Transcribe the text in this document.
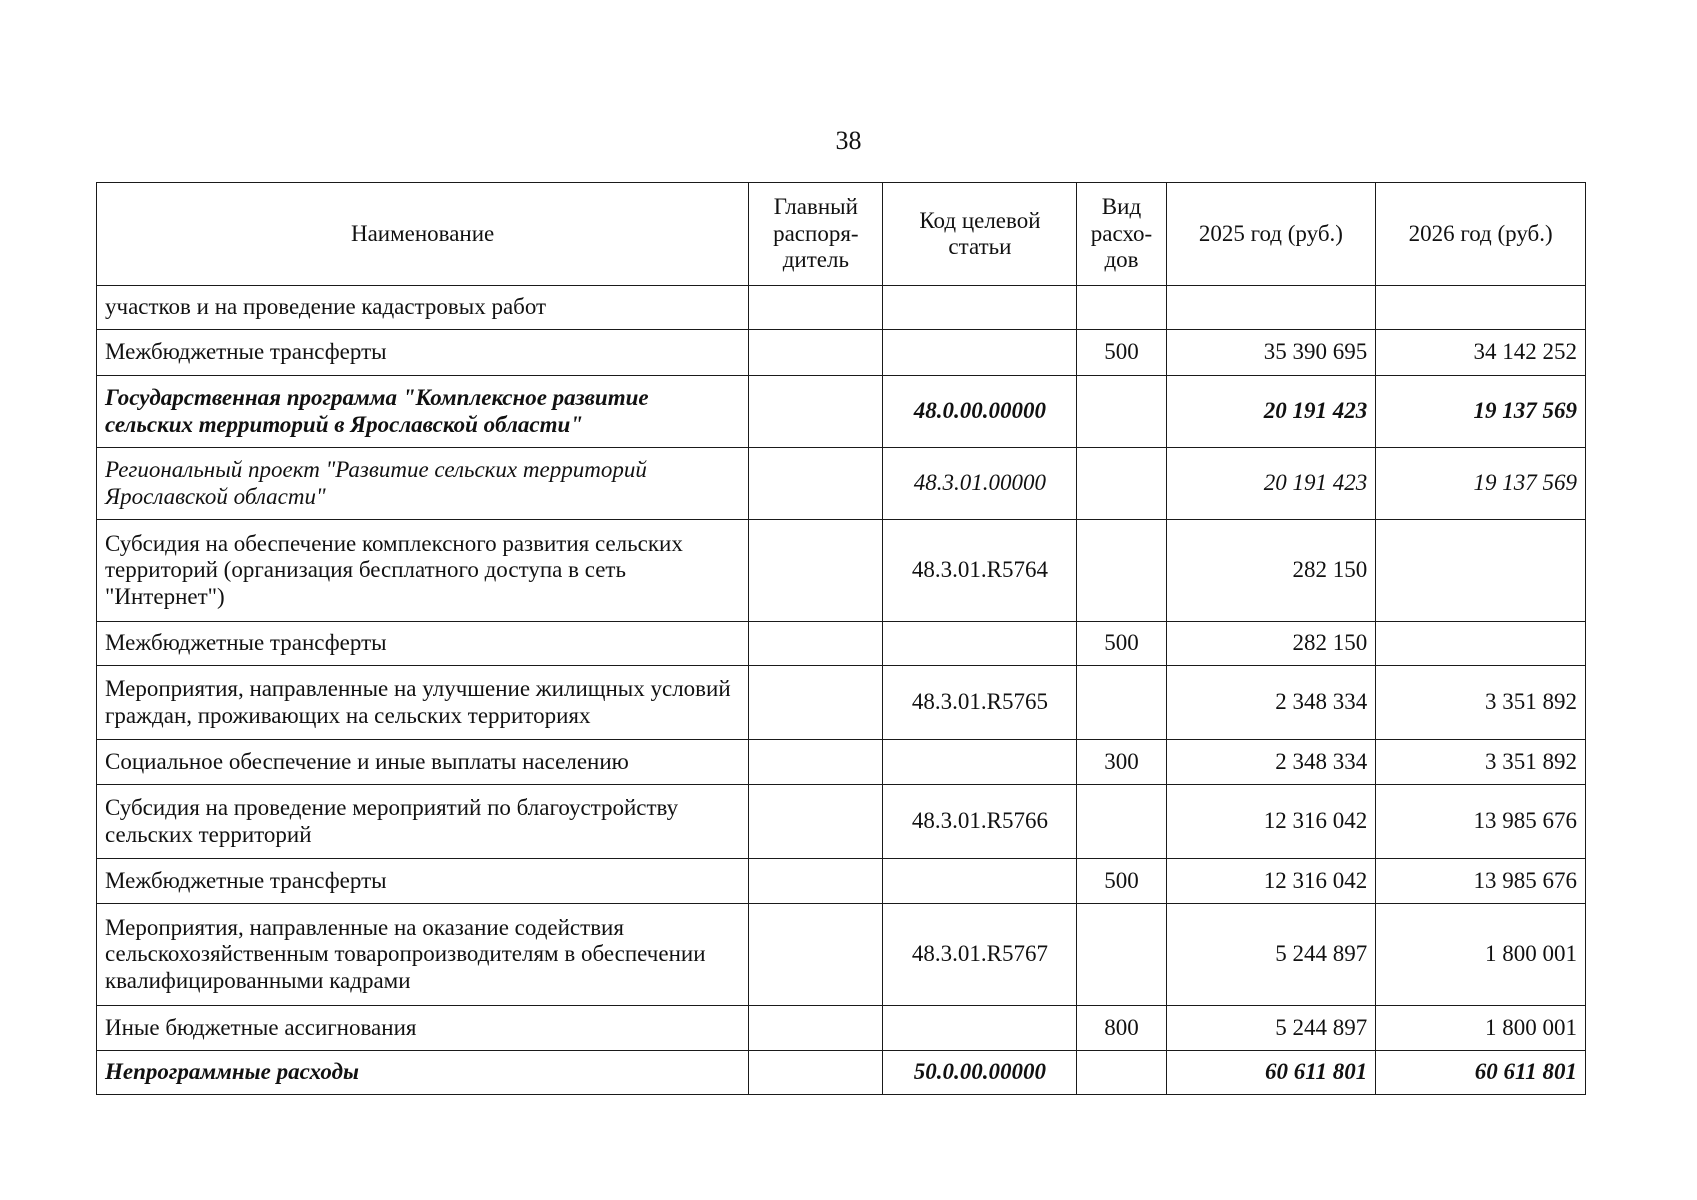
38
Наименование	Главный распоря-дитель	Код целевой статьи	Вид расхо-дов	2025 год (руб.)	2026 год (руб.)
участков и на проведение кадастровых работ					
Межбюджетные трансферты			500	35 390 695	34 142 252
Государственная программа "Комплексное развитие сельских территорий в Ярославской области"		48.0.00.00000		20 191 423	19 137 569
Региональный проект "Развитие сельских территорий Ярославской области"		48.3.01.00000		20 191 423	19 137 569
Субсидия на обеспечение комплексного развития сельских территорий (организация бесплатного доступа в сеть "Интернет")		48.3.01.R5764		282 150	
Межбюджетные трансферты			500	282 150	
Мероприятия, направленные на улучшение жилищных условий граждан, проживающих на сельских территориях		48.3.01.R5765		2 348 334	3 351 892
Социальное обеспечение и иные выплаты населению			300	2 348 334	3 351 892
Субсидия на проведение мероприятий по благоустройству сельских территорий		48.3.01.R5766		12 316 042	13 985 676
Межбюджетные трансферты			500	12 316 042	13 985 676
Мероприятия, направленные на оказание содействия сельскохозяйственным товаропроизводителям в обеспечении квалифицированными кадрами		48.3.01.R5767		5 244 897	1 800 001
Иные бюджетные ассигнования			800	5 244 897	1 800 001
Непрограммные расходы		50.0.00.00000		60 611 801	60 611 801
